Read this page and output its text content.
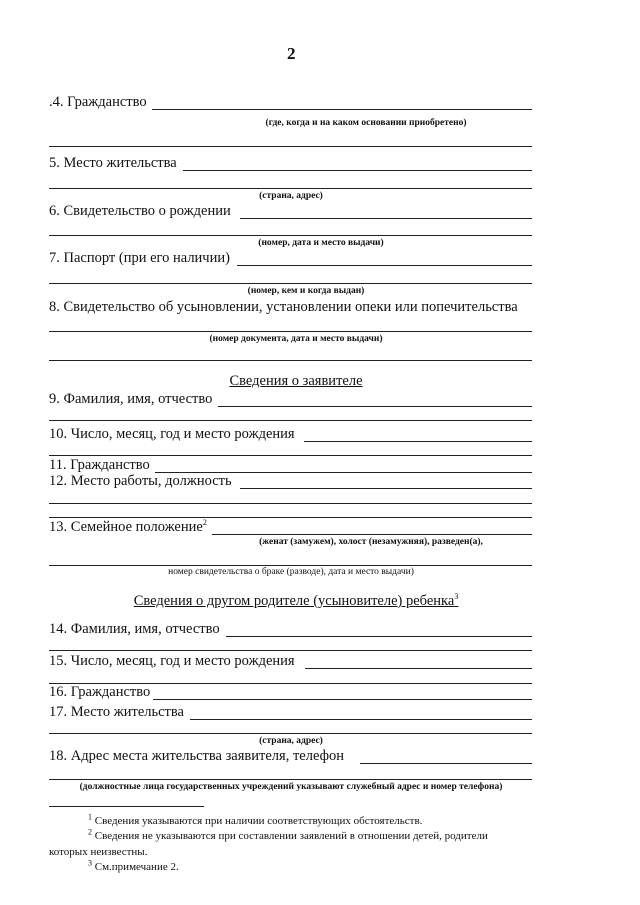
2
.4. Гражданство
(где, когда и на каком основании приобретено)
5. Место жительства
(страна, адрес)
6. Свидетельство о рождении
(номер, дата и место выдачи)
7. Паспорт (при его наличии)
(номер, кем и когда выдан)
8. Свидетельство об усыновлении, установлении опеки или попечительства
(номер документа, дата и место выдачи)
Сведения о заявителе
9. Фамилия, имя, отчество
10. Число, месяц, год и место рождения
11. Гражданство
12. Место работы, должность
13. Семейное положение$^2$
(женат (замужем), холост (незамужняя), разведен(а),
номер свидетельства о браке (разводе), дата и место выдачи)
Сведения о другом родителе (усыновителе) ребенка$^3$
14. Фамилия, имя, отчество
15. Число, месяц, год и место рождения
16. Гражданство
17. Место жительства
(страна, адрес)
18. Адрес места жительства заявителя, телефон
(должностные лица государственных учреждений указывают служебный адрес и номер телефона)
$^1$ Сведения указываются при наличии соответствующих обстоятельств.
$^2$ Сведения не указываются при составлении заявлений в отношении детей, родители
которых неизвестны.
$^3$ См.примечание 2.
